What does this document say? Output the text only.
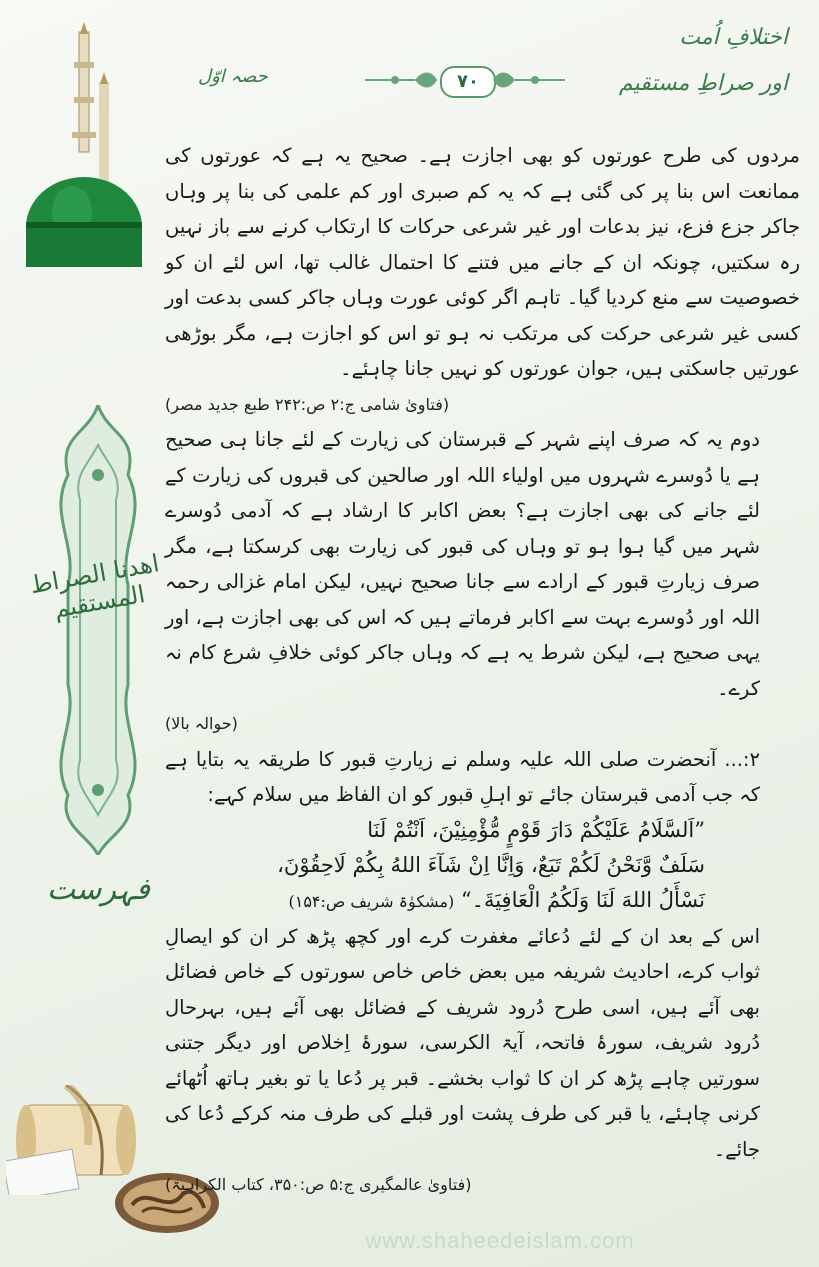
اهدنا الصراط المستقیم
فہرست
اختلافِ اُمت
اور صراطِ مستقیم
۷۰
حصہ اوّل

مردوں کی طرح عورتوں کو بھی اجازت ہے۔ صحیح یہ ہے کہ عورتوں کی ممانعت اس بنا پر کی گئی ہے کہ یہ کم صبری اور کم علمی کی بنا پر وہاں جاکر جزع فزع، نیز بدعات اور غیر شرعی حرکات کا ارتکاب کرنے سے باز نہیں رہ سکتیں، چونکہ ان کے جانے میں فتنے کا احتمال غالب تھا، اس لئے ان کو خصوصیت سے منع کردیا گیا۔ تاہم اگر کوئی عورت وہاں جاکر کسی بدعت اور کسی غیر شرعی حرکت کی مرتکب نہ ہو تو اس کو اجازت ہے، مگر بوڑھی عورتیں جاسکتی ہیں، جوان عورتوں کو نہیں جانا چاہئے۔

(فتاویٰ شامی ج:۲ ص:۲۴۲ طبع جدید مصر)

دوم یہ کہ صرف اپنے شہر کے قبرستان کی زیارت کے لئے جانا ہی صحیح ہے یا دُوسرے شہروں میں اولیاء اللہ اور صالحین کی قبروں کی زیارت کے لئے جانے کی بھی اجازت ہے؟ بعض اکابر کا ارشاد ہے کہ آدمی دُوسرے شہر میں گیا ہوا ہو تو وہاں کی قبور کی زیارت بھی کرسکتا ہے، مگر صرف زیارتِ قبور کے ارادے سے جانا صحیح نہیں، لیکن امام غزالی رحمہ اللہ اور دُوسرے بہت سے اکابر فرماتے ہیں کہ اس کی بھی اجازت ہے، اور یہی صحیح ہے، لیکن شرط یہ ہے کہ وہاں جاکر کوئی خلافِ شرع کام نہ کرے۔

(حوالہ بالا)

۲:... آنحضرت صلی اللہ علیہ وسلم نے زیارتِ قبور کا طریقہ یہ بتایا ہے کہ جب آدمی قبرستان جائے تو اہلِ قبور کو ان الفاظ میں سلام کہے:

”اَلسَّلَامُ عَلَیْکُمْ دَارَ قَوْمٍ مُّؤْمِنِیْنَ، اَنْتُمْ لَنَا
سَلَفٌ وَّنَحْنُ لَکُمْ تَبَعٌ، وَاِنَّا اِنْ شَآءَ اللهُ بِکُمْ لَاحِقُوْنَ،
نَسْأَلُ اللهَ لَنَا وَلَکُمُ الْعَافِیَةَ۔“ (مشکوٰۃ شریف ص:۱۵۴)

اس کے بعد ان کے لئے دُعائے مغفرت کرے اور کچھ پڑھ کر ان کو ایصالِ ثواب کرے، احادیث شریفہ میں بعض خاص خاص سورتوں کے خاص فضائل بھی آئے ہیں، اسی طرح دُرود شریف کے فضائل بھی آئے ہیں، بہرحال دُرود شریف، سورۂ فاتحہ، آیۃ الکرسی، سورۂ اِخلاص اور دیگر جتنی سورتیں چاہے پڑھ کر ان کا ثواب بخشے۔ قبر پر دُعا یا تو بغیر ہاتھ اُٹھائے کرنی چاہئے، یا قبر کی طرف پشت اور قبلے کی طرف منہ کرکے دُعا کی جائے۔

(فتاویٰ عالمگیری ج:۵ ص:۳۵۰، کتاب الکراہیۃ)
www.shaheedeislam.com
